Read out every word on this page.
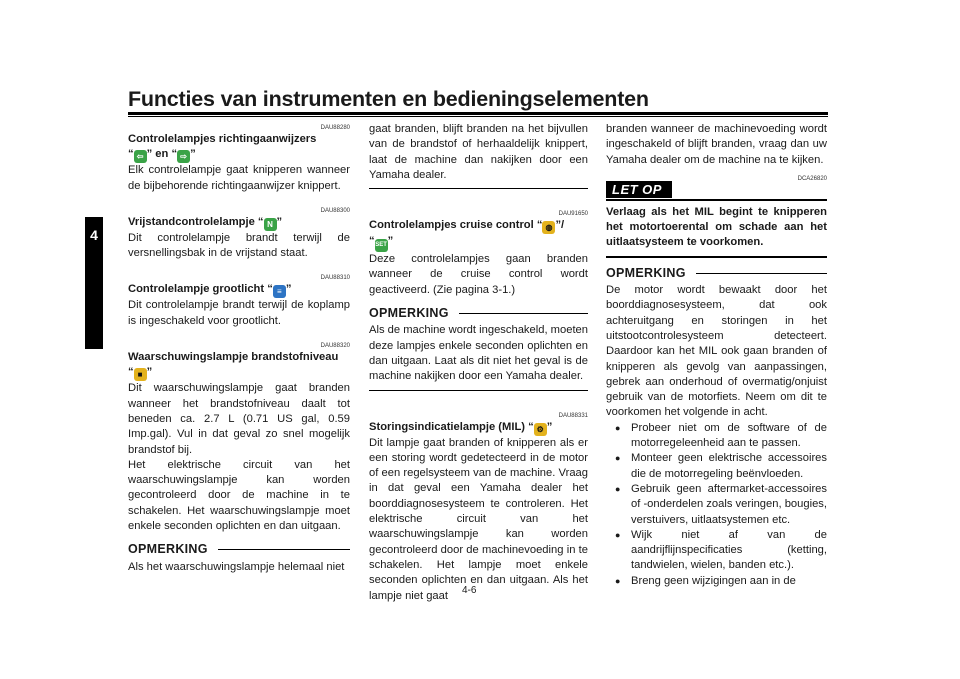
Functies van instrumenten en bedieningselementen
4
4-6
DAU88280
Controlelampjes richtingaanwijzers
“ ⇦ ” en “ ⇨ ”
Elk controlelampje gaat knipperen wanneer de bijbehorende richtingaanwijzer knippert.
DAU88300
Vrijstandcontrolelampje “ N ”
Dit controlelampje brandt terwijl de versnellingsbak in de vrijstand staat.
DAU88310
Controlelampje grootlicht “ ≡ ”
Dit controlelampje brandt terwijl de koplamp is ingeschakeld voor grootlicht.
DAU88320
Waarschuwingslampje brandstofniveau
“ ■ ”
Dit waarschuwingslampje gaat branden wanneer het brandstofniveau daalt tot beneden ca. 2.7 L (0.71 US gal, 0.59 Imp.gal). Vul in dat geval zo snel mogelijk brandstof bij.
Het elektrische circuit van het waarschuwingslampje kan worden gecontroleerd door de machine in te schakelen. Het waarschuwingslampje moet enkele seconden oplichten en dan uitgaan.
OPMERKING
Als het waarschuwingslampje helemaal niet
gaat branden, blijft branden na het bijvullen van de brandstof of herhaaldelijk knippert, laat de machine dan nakijken door een Yamaha dealer.
DAU91650
Controlelampjes cruise control “ ◍ ”/
“SET”
Deze controlelampjes gaan branden wanneer de cruise control wordt geactiveerd. (Zie pagina 3-1.)
OPMERKING
Als de machine wordt ingeschakeld, moeten deze lampjes enkele seconden oplichten en dan uitgaan. Laat als dit niet het geval is de machine nakijken door een Yamaha dealer.
DAU88331
Storingsindicatielampje (MIL) “ ⚙ ”
Dit lampje gaat branden of knipperen als er een storing wordt gedetecteerd in de motor of een regelsysteem van de machine. Vraag in dat geval een Yamaha dealer het boorddiagnosesysteem te controleren. Het elektrische circuit van het waarschuwingslampje kan worden gecontroleerd door de machinevoeding in te schakelen. Het lampje moet enkele seconden oplichten en dan uitgaan. Als het lampje niet gaat
branden wanneer de machinevoeding wordt ingeschakeld of blijft branden, vraag dan uw Yamaha dealer om de machine na te kijken.
LET OP
DCA26820
Verlaag als het MIL begint te knipperen het motortoerental om schade aan het uitlaatsysteem te voorkomen.
OPMERKING
De motor wordt bewaakt door het boorddiagnosesysteem, dat ook achteruitgang en storingen in het uitstootcontrolesysteem detecteert. Daardoor kan het MIL ook gaan branden of knipperen als gevolg van aanpassingen, gebrek aan onderhoud of overmatig/onjuist gebruik van de motorfiets. Neem om dit te voorkomen het volgende in acht.
● Probeer niet om de software of de motorregeleenheid aan te passen.
● Monteer geen elektrische accessoires die de motorregeling beënvloeden.
● Gebruik geen aftermarket-accessoires of -onderdelen zoals veringen, bougies, verstuivers, uitlaatsystemen etc.
● Wijk niet af van de aandrijflijnspecificaties (ketting, tandwielen, wielen, banden etc.).
● Breng geen wijzigingen aan in de
